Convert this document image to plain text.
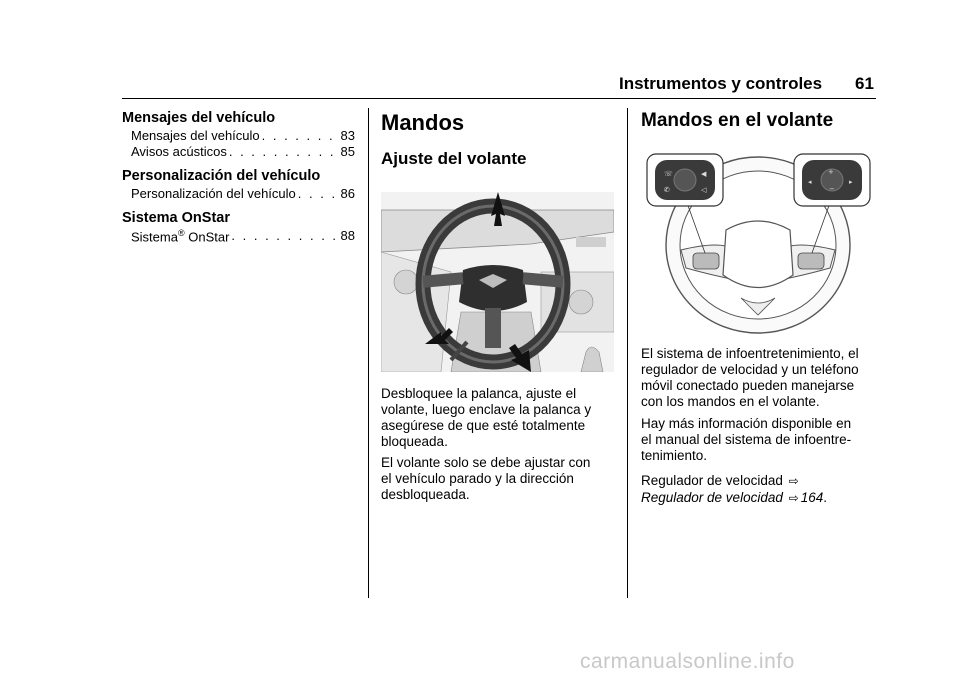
Instrumentos y controles 61
Mensajes del vehículo
Mensajes del vehículo . . .	83
Avisos acústicos . . .	85
Personalización del vehículo
Personalización del vehículo . . .	86
Sistema OnStar
Sistema® OnStar . . .	88
Mandos
Ajuste del volante
Desbloquee la palanca, ajuste el
volante, luego enclave la palanca y
asegúrese de que esté totalmente
bloqueada.
El volante solo se debe ajustar con
el vehículo parado y la dirección
desbloqueada.
Mandos en el volante
☏	◀
✆	◁
+
−
◂	▸
El sistema de infoentretenimiento, el
regulador de velocidad y un teléfono
móvil conectado pueden manejarse
con los mandos en el volante.
Hay más información disponible en
el manual del sistema de infoentre-
tenimiento.
Regulador de velocidad ⇨
Regulador de velocidad ⇨ 164.
carmanualsonline.info
